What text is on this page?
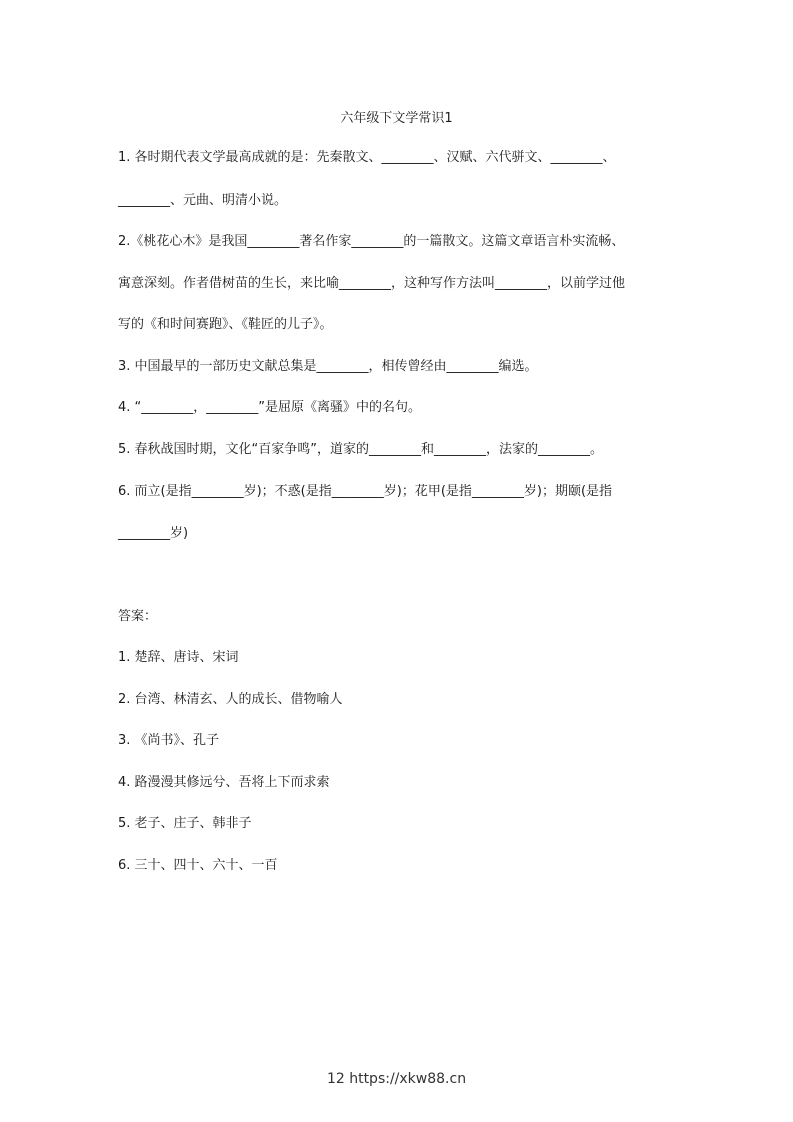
六年级下文学常识1
1. 各时期代表文学最高成就的是：先秦散文、________、汉赋、六代骈文、________、
________、元曲、明清小说。
2.《桃花心木》是我国________著名作家________的一篇散文。这篇文章语言朴实流畅、
寓意深刻。作者借树苗的生长，来比喻________，这种写作方法叫________，以前学过他
写的《和时间赛跑》、《鞋匠的儿子》。
3. 中国最早的一部历史文献总集是________，相传曾经由________编选。
4. “________，________”是屈原《离骚》中的名句。
5. 春秋战国时期，文化“百家争鸣”，道家的________和________，法家的________。
6. 而立(是指________岁)；不惑(是指________岁)；花甲(是指________岁)；期颐(是指
________岁)
答案：
1. 楚辞、唐诗、宋词
2. 台湾、林清玄、人的成长、借物喻人
3. 《尚书》、孔子
4. 路漫漫其修远兮、吾将上下而求索
5. 老子、庄子、韩非子
6. 三十、四十、六十、一百
12 https://xkw88.cn
